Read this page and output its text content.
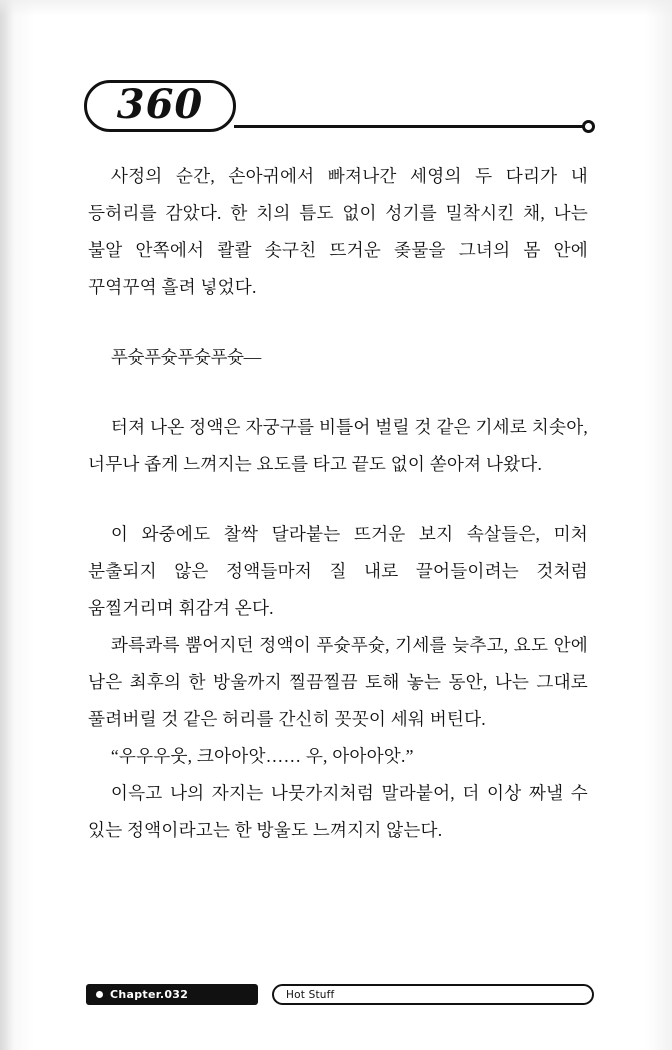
360

사정의 순간, 손아귀에서 빠져나간 세영의 두 다리가 내 등허리를 감았다. 한 치의 틈도 없이 성기를 밀착시킨 채, 나는 불알 안쪽에서 콸콸 솟구친 뜨거운 좆물을 그녀의 몸 안에 꾸역꾸역 흘려 넣었다.

푸슛푸슛푸슛푸슛—

터져 나온 정액은 자궁구를 비틀어 벌릴 것 같은 기세로 치솟아, 너무나 좁게 느껴지는 요도를 타고 끝도 없이 쏟아져 나왔다.

이 와중에도 찰싹 달라붙는 뜨거운 보지 속살들은, 미처 분출되지 않은 정액들마저 질 내로 끌어들이려는 것처럼 움찔거리며 휘감겨 온다.

콰륵콰륵 뿜어지던 정액이 푸슛푸슛, 기세를 늦추고, 요도 안에 남은 최후의 한 방울까지 찔끔찔끔 토해 놓는 동안, 나는 그대로 풀려버릴 것 같은 허리를 간신히 꼿꼿이 세워 버틴다.

“우우우웃, 크아아앗…… 우, 아아아앗.”

이윽고 나의 자지는 나뭇가지처럼 말라붙어, 더 이상 짜낼 수 있는 정액이라고는 한 방울도 느껴지지 않는다.

Chapter.032	Hot Stuff
